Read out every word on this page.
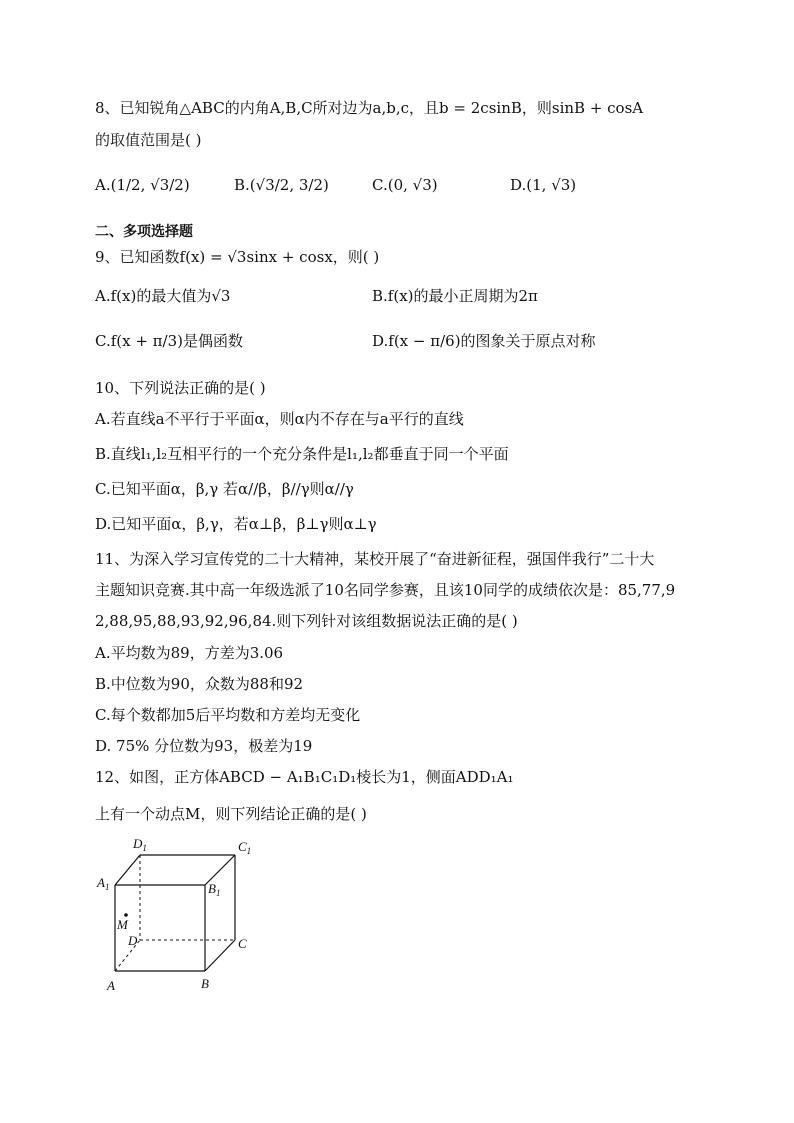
8、已知锐角△ABC的内角A,B,C所对边为a,b,c，且b = 2csinB，则sinB + cosA
的取值范围是( )
A.(1/2, √3/2)	B.(√3/2, 3/2)	C.(0, √3)	D.(1, √3)
二、多项选择题
9、已知函数f(x) = √3sinx + cosx，则( )
A.f(x)的最大值为√3	B.f(x)的最小正周期为2π
C.f(x + π/3)是偶函数	D.f(x − π/6)的图象关于原点对称
10、下列说法正确的是( )
A.若直线a不平行于平面α，则α内不存在与a平行的直线
B.直线l₁,l₂互相平行的一个充分条件是l₁,l₂都垂直于同一个平面
C.已知平面α，β,γ 若α//β，β//γ则α//γ
D.已知平面α，β,γ，若α⊥β，β⊥γ则α⊥γ
11、为深入学习宣传党的二十大精神，某校开展了“奋进新征程，强国伴我行”二十大
主题知识竞赛.其中高一年级选派了10名同学参赛，且该10同学的成绩依次是：85,77,9
2,88,95,88,93,92,96,84.则下列针对该组数据说法正确的是( )
A.平均数为89，方差为3.06
B.中位数为90，众数为88和92
C.每个数都加5后平均数和方差均无变化
D. 75% 分位数为93，极差为19
12、如图，正方体ABCD − A₁B₁C₁D₁棱长为1，侧面ADD₁A₁
上有一个动点M，则下列结论正确的是( )
$D_1$	$C_1$
$A_1$	$B_1$
M
D	C
A	B
